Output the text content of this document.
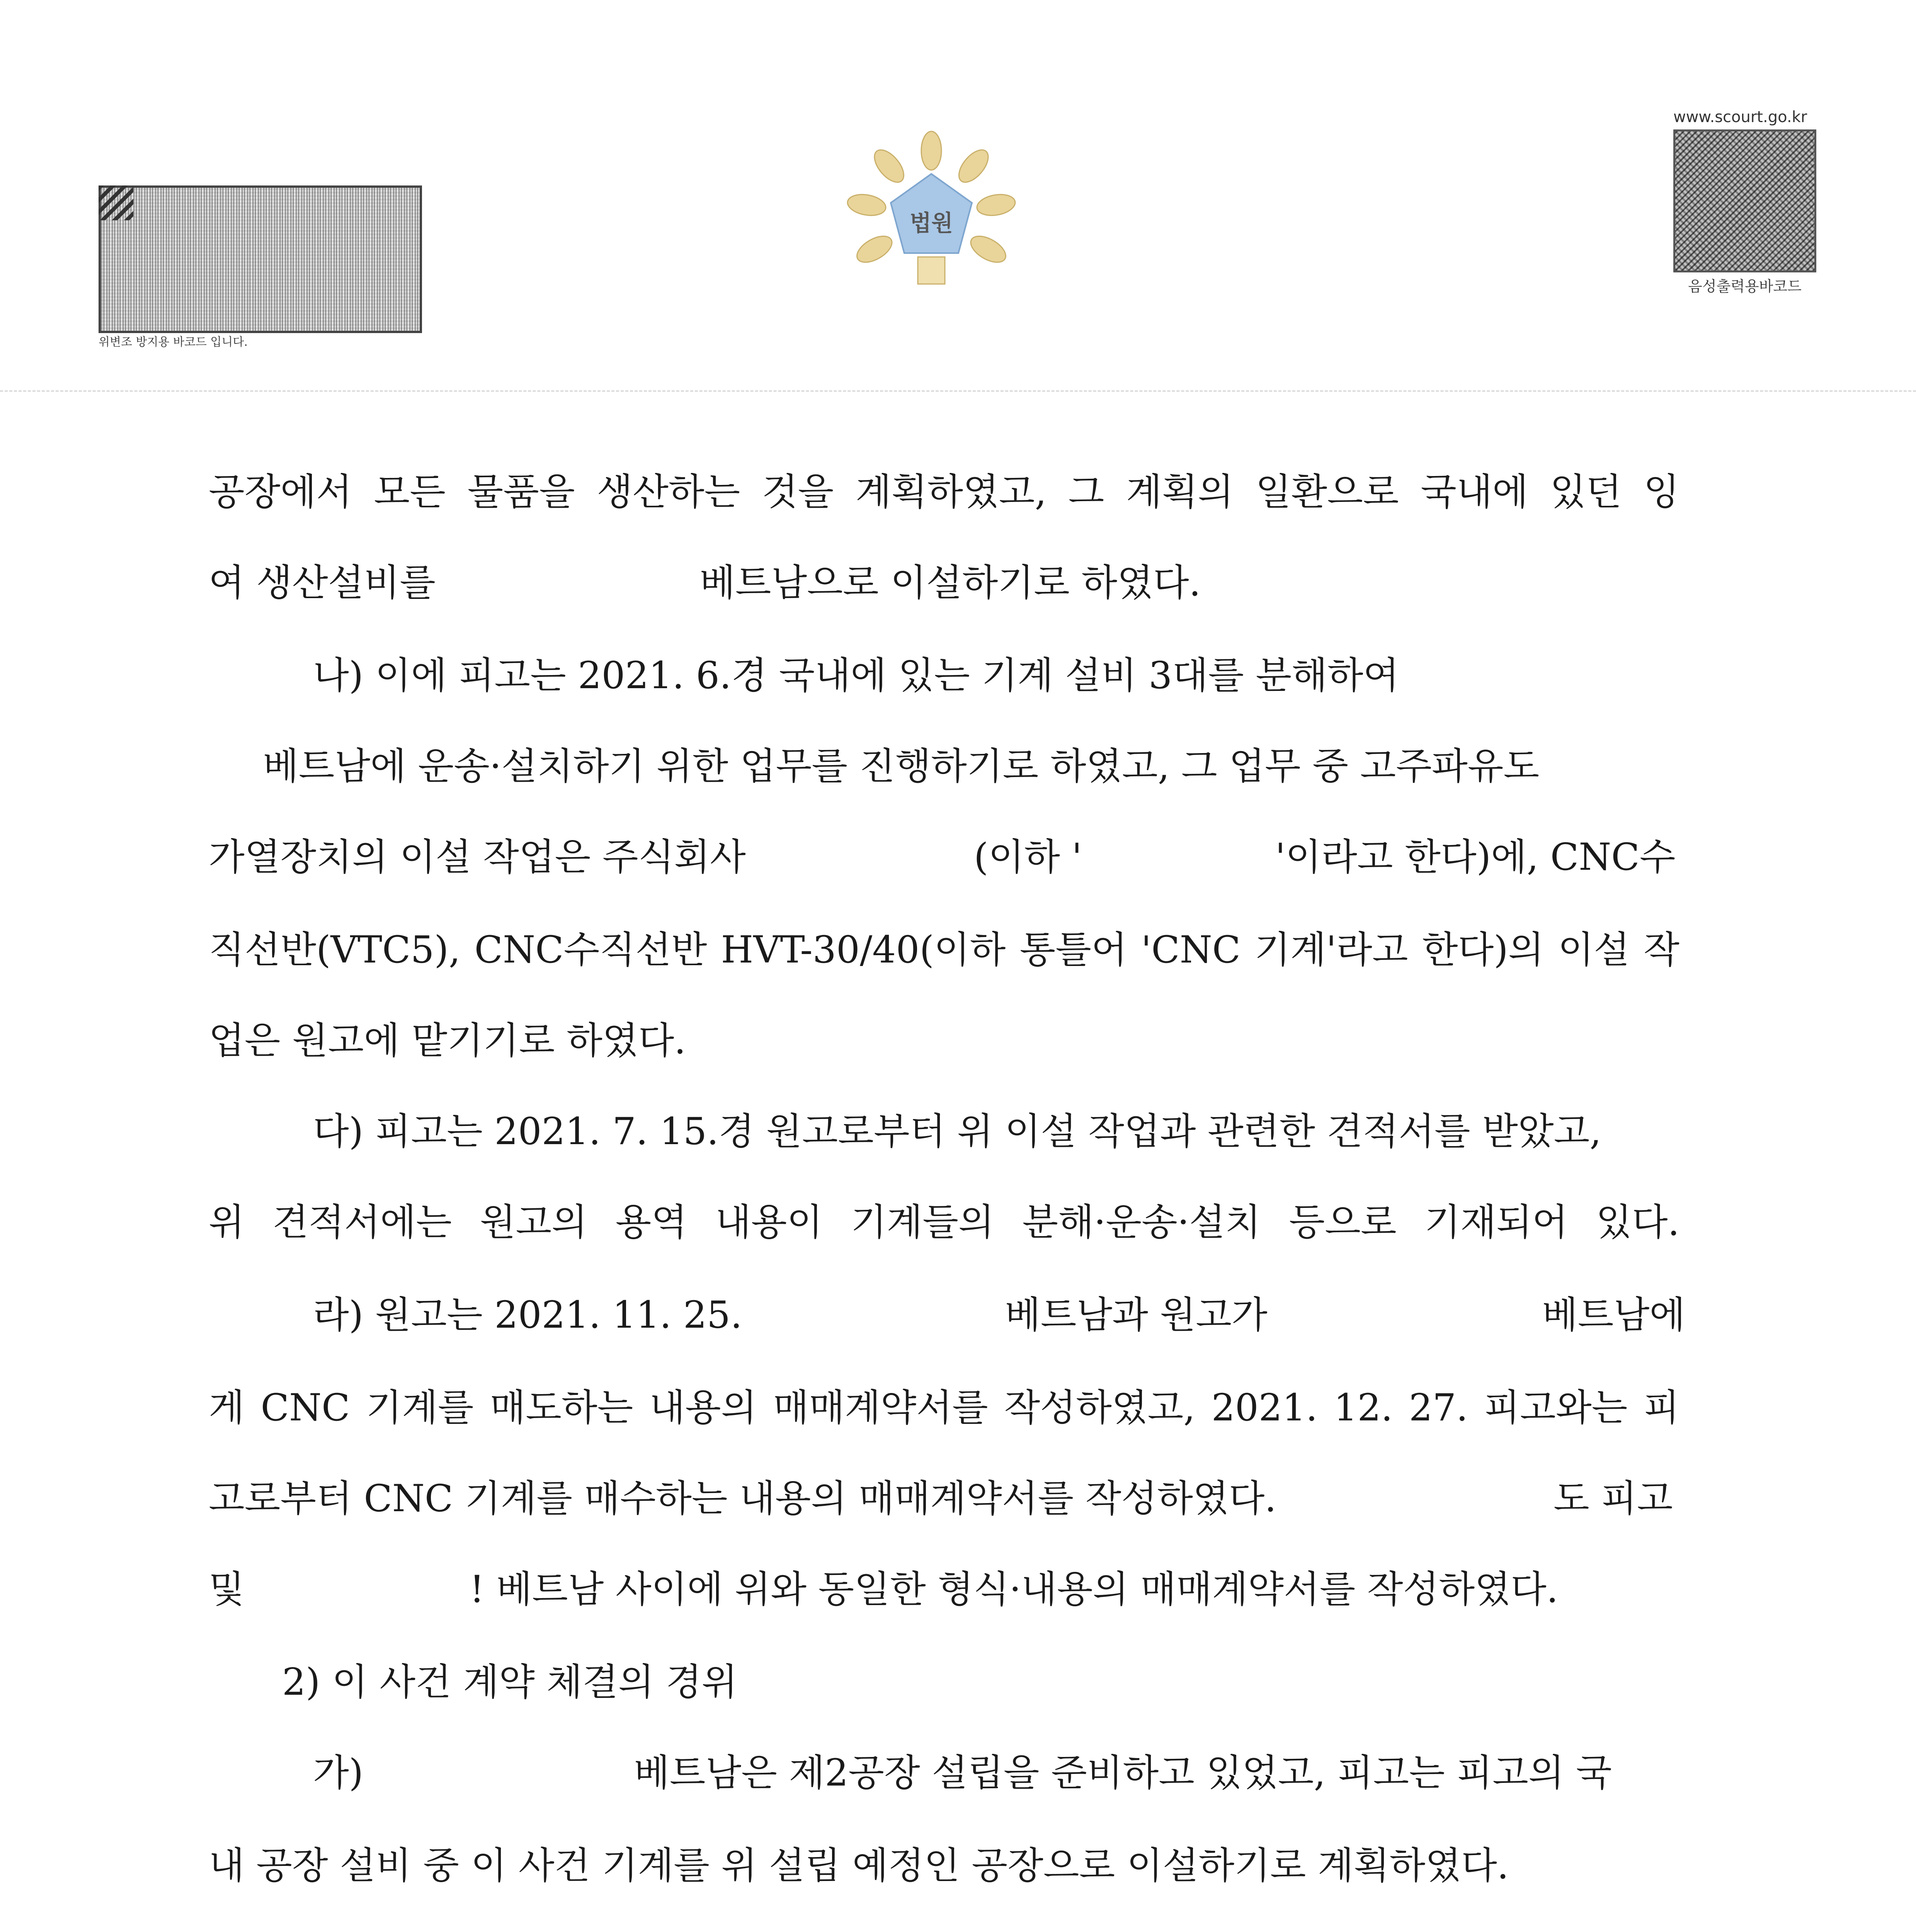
위변조 방지용 바코드 입니다.
법원
www.scourt.go.kr
음성출력용바코드
공장에서 모든 물품을 생산하는 것을 계획하였고, 그 계획의 일환으로 국내에 있던 잉
여 생산설비를	베트남으로 이설하기로 하였다.
나) 이에 피고는 2021. 6.경 국내에 있는 기계 설비 3대를 분해하여
베트남에 운송·설치하기 위한 업무를 진행하기로 하였고, 그 업무 중 고주파유도
가열장치의 이설 작업은 주식회사	(이하 '	'이라고 한다)에, CNC수
직선반(VTC5), CNC수직선반 HVT-30/40(이하 통틀어 'CNC 기계'라고 한다)의 이설 작
업은 원고에 맡기기로 하였다.
다) 피고는 2021. 7. 15.경 원고로부터 위 이설 작업과 관련한 견적서를 받았고,
위 견적서에는 원고의 용역 내용이 기계들의 분해·운송·설치 등으로 기재되어 있다.
라) 원고는 2021. 11. 25.	베트남과 원고가	베트남에
게 CNC 기계를 매도하는 내용의 매매계약서를 작성하였고, 2021. 12. 27. 피고와는 피
고로부터 CNC 기계를 매수하는 내용의 매매계약서를 작성하였다.	도 피고
및	! 베트남 사이에 위와 동일한 형식·내용의 매매계약서를 작성하였다.
2) 이 사건 계약 체결의 경위
가)	베트남은 제2공장 설립을 준비하고 있었고, 피고는 피고의 국
내 공장 설비 중 이 사건 기계를 위 설립 예정인 공장으로 이설하기로 계획하였다.
